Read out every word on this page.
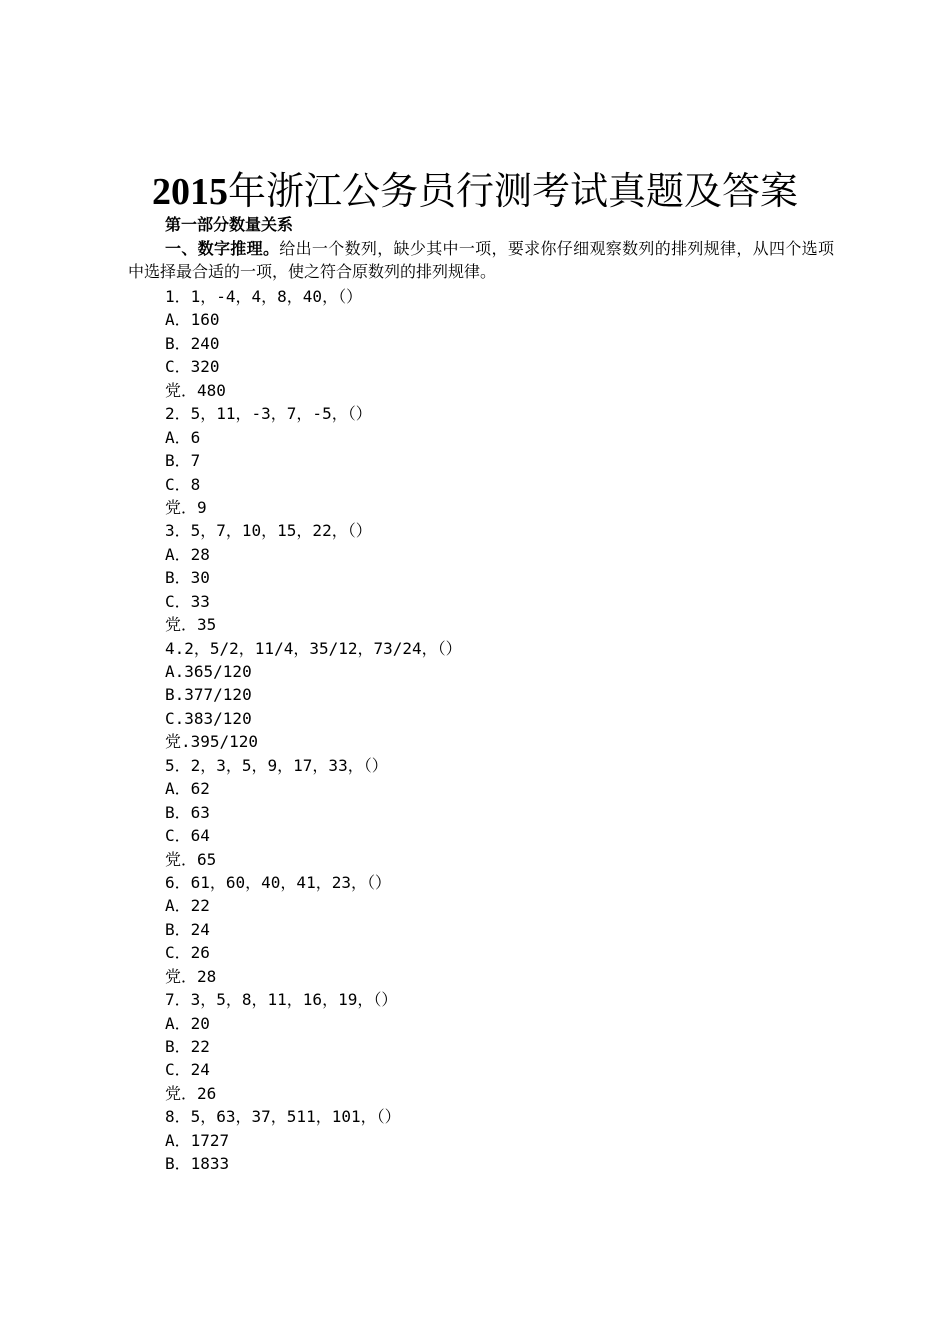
2015年浙江公务员行测考试真题及答案

第一部分数量关系

一、数字推理。给出一个数列，缺少其中一项，要求你仔细观察数列的排列规律，从四个选项中选择最合适的一项，使之符合原数列的排列规律。

1．1，-4，4，8，40，（）
A．160
B．240
C．320
党．480
2．5，11，-3，7，-5，（）
A．6
B．7
C．8
党．9
3．5，7，10，15，22，（）
A．28
B．30
C．33
党．35
4.2，5/2，11/4，35/12，73/24，（）
A.365/120
B.377/120
C.383/120
党.395/120
5．2，3，5，9，17，33，（）
A．62
B．63
C．64
党．65
6．61，60，40，41，23，（）
A．22
B．24
C．26
党．28
7．3，5，8，11，16，19，（）
A．20
B．22
C．24
党．26
8．5，63，37，511，101，（）
A．1727
B．1833
